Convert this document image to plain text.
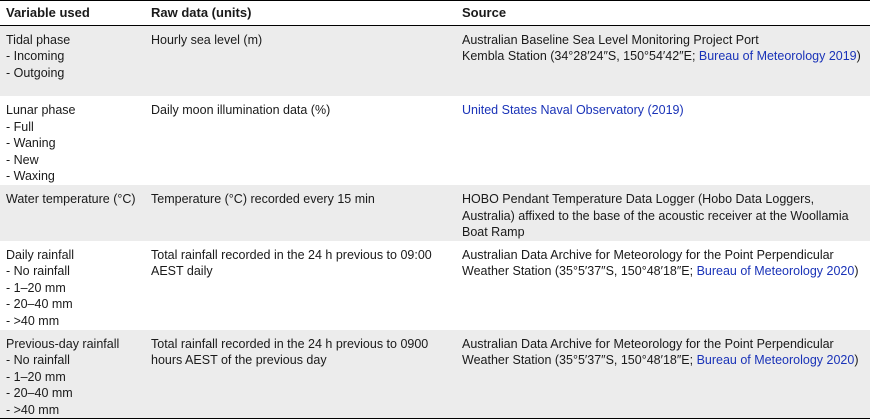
Variable used	Raw data (units)	Source

Tidal phase
- Incoming
- Outgoing	Hourly sea level (m)	Australian Baseline Sea Level Monitoring Project Port
Kembla Station (34°28′24″S, 150°54′42″E; Bureau of Meteorology 2019)

Lunar phase
- Full
- Waning
- New
- Waxing	Daily moon illumination data (%)	United States Naval Observatory (2019)

Water temperature (°C)	Temperature (°C) recorded every 15 min	HOBO Pendant Temperature Data Logger (Hobo Data Loggers,
Australia) affixed to the base of the acoustic receiver at the Woollamia
Boat Ramp

Daily rainfall
- No rainfall
- 1–20 mm
- 20–40 mm
- >40 mm	Total rainfall recorded in the 24 h previous to 09:00
AEST daily	Australian Data Archive for Meteorology for the Point Perpendicular
Weather Station (35°5′37″S, 150°48′18″E; Bureau of Meteorology 2020)

Previous-day rainfall
- No rainfall
- 1–20 mm
- 20–40 mm
- >40 mm	Total rainfall recorded in the 24 h previous to 0900
hours AEST of the previous day	Australian Data Archive for Meteorology for the Point Perpendicular
Weather Station (35°5′37″S, 150°48′18″E; Bureau of Meteorology 2020)
